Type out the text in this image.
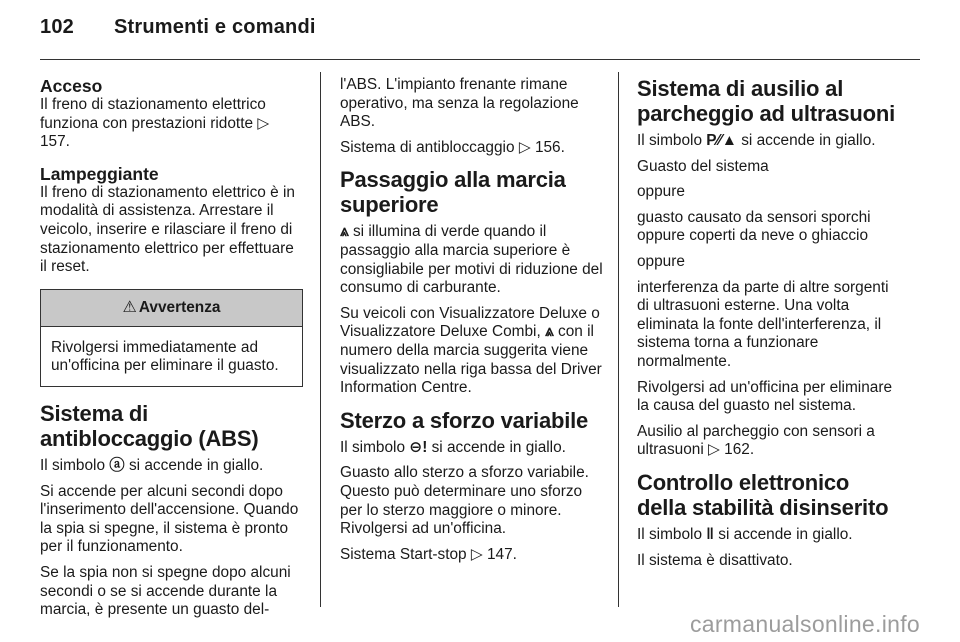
102 Strumenti e comandi
Acceso
Il freno di stazionamento elettrico funziona con prestazioni ridotte ▷ 157.
Lampeggiante
Il freno di stazionamento elettrico è in modalità di assistenza. Arrestare il veicolo, inserire e rilasciare il freno di stazionamento elettrico per effettuare il reset.
⚠ Avvertenza
Rivolgersi immediatamente ad un'officina per eliminare il guasto.
Sistema di antibloccaggio (ABS)

Il simbolo ⓐ si accende in giallo.

Si accende per alcuni secondi dopo l'inserimento dell'accensione. Quando la spia si spegne, il sistema è pronto per il funzionamento.

Se la spia non si spegne dopo alcuni secondi o se si accende durante la marcia, è presente un guasto del-

l'ABS. L'impianto frenante rimane operativo, ma senza la regolazione ABS.

Sistema di antibloccaggio ▷ 156.

Passaggio alla marcia superiore

⩓ si illumina di verde quando il passaggio alla marcia superiore è consigliabile per motivi di riduzione del consumo di carburante.

Su veicoli con Visualizzatore Deluxe o Visualizzatore Deluxe Combi, ⩓ con il numero della marcia suggerita viene visualizzato nella riga bassa del Driver Information Centre.

Sterzo a sforzo variabile

Il simbolo ⊖! si accende in giallo.

Guasto allo sterzo a sforzo variabile. Questo può determinare uno sforzo per lo sterzo maggiore o minore. Rivolgersi ad un'officina.

Sistema Start-stop ▷ 147.

Sistema di ausilio al parcheggio ad ultrasuoni

Il simbolo P⁄⁄▲ si accende in giallo.

Guasto del sistema

oppure

guasto causato da sensori sporchi oppure coperti da neve o ghiaccio

oppure

interferenza da parte di altre sorgenti di ultrasuoni esterne. Una volta eliminata la fonte dell'interferenza, il sistema torna a funzionare normalmente.

Rivolgersi ad un'officina per eliminare la causa del guasto nel sistema.

Ausilio al parcheggio con sensori a ultrasuoni ▷ 162.

Controllo elettronico della stabilità disinserito

Il simbolo ǁ si accende in giallo.

Il sistema è disattivato.

carmanualsonline.info
